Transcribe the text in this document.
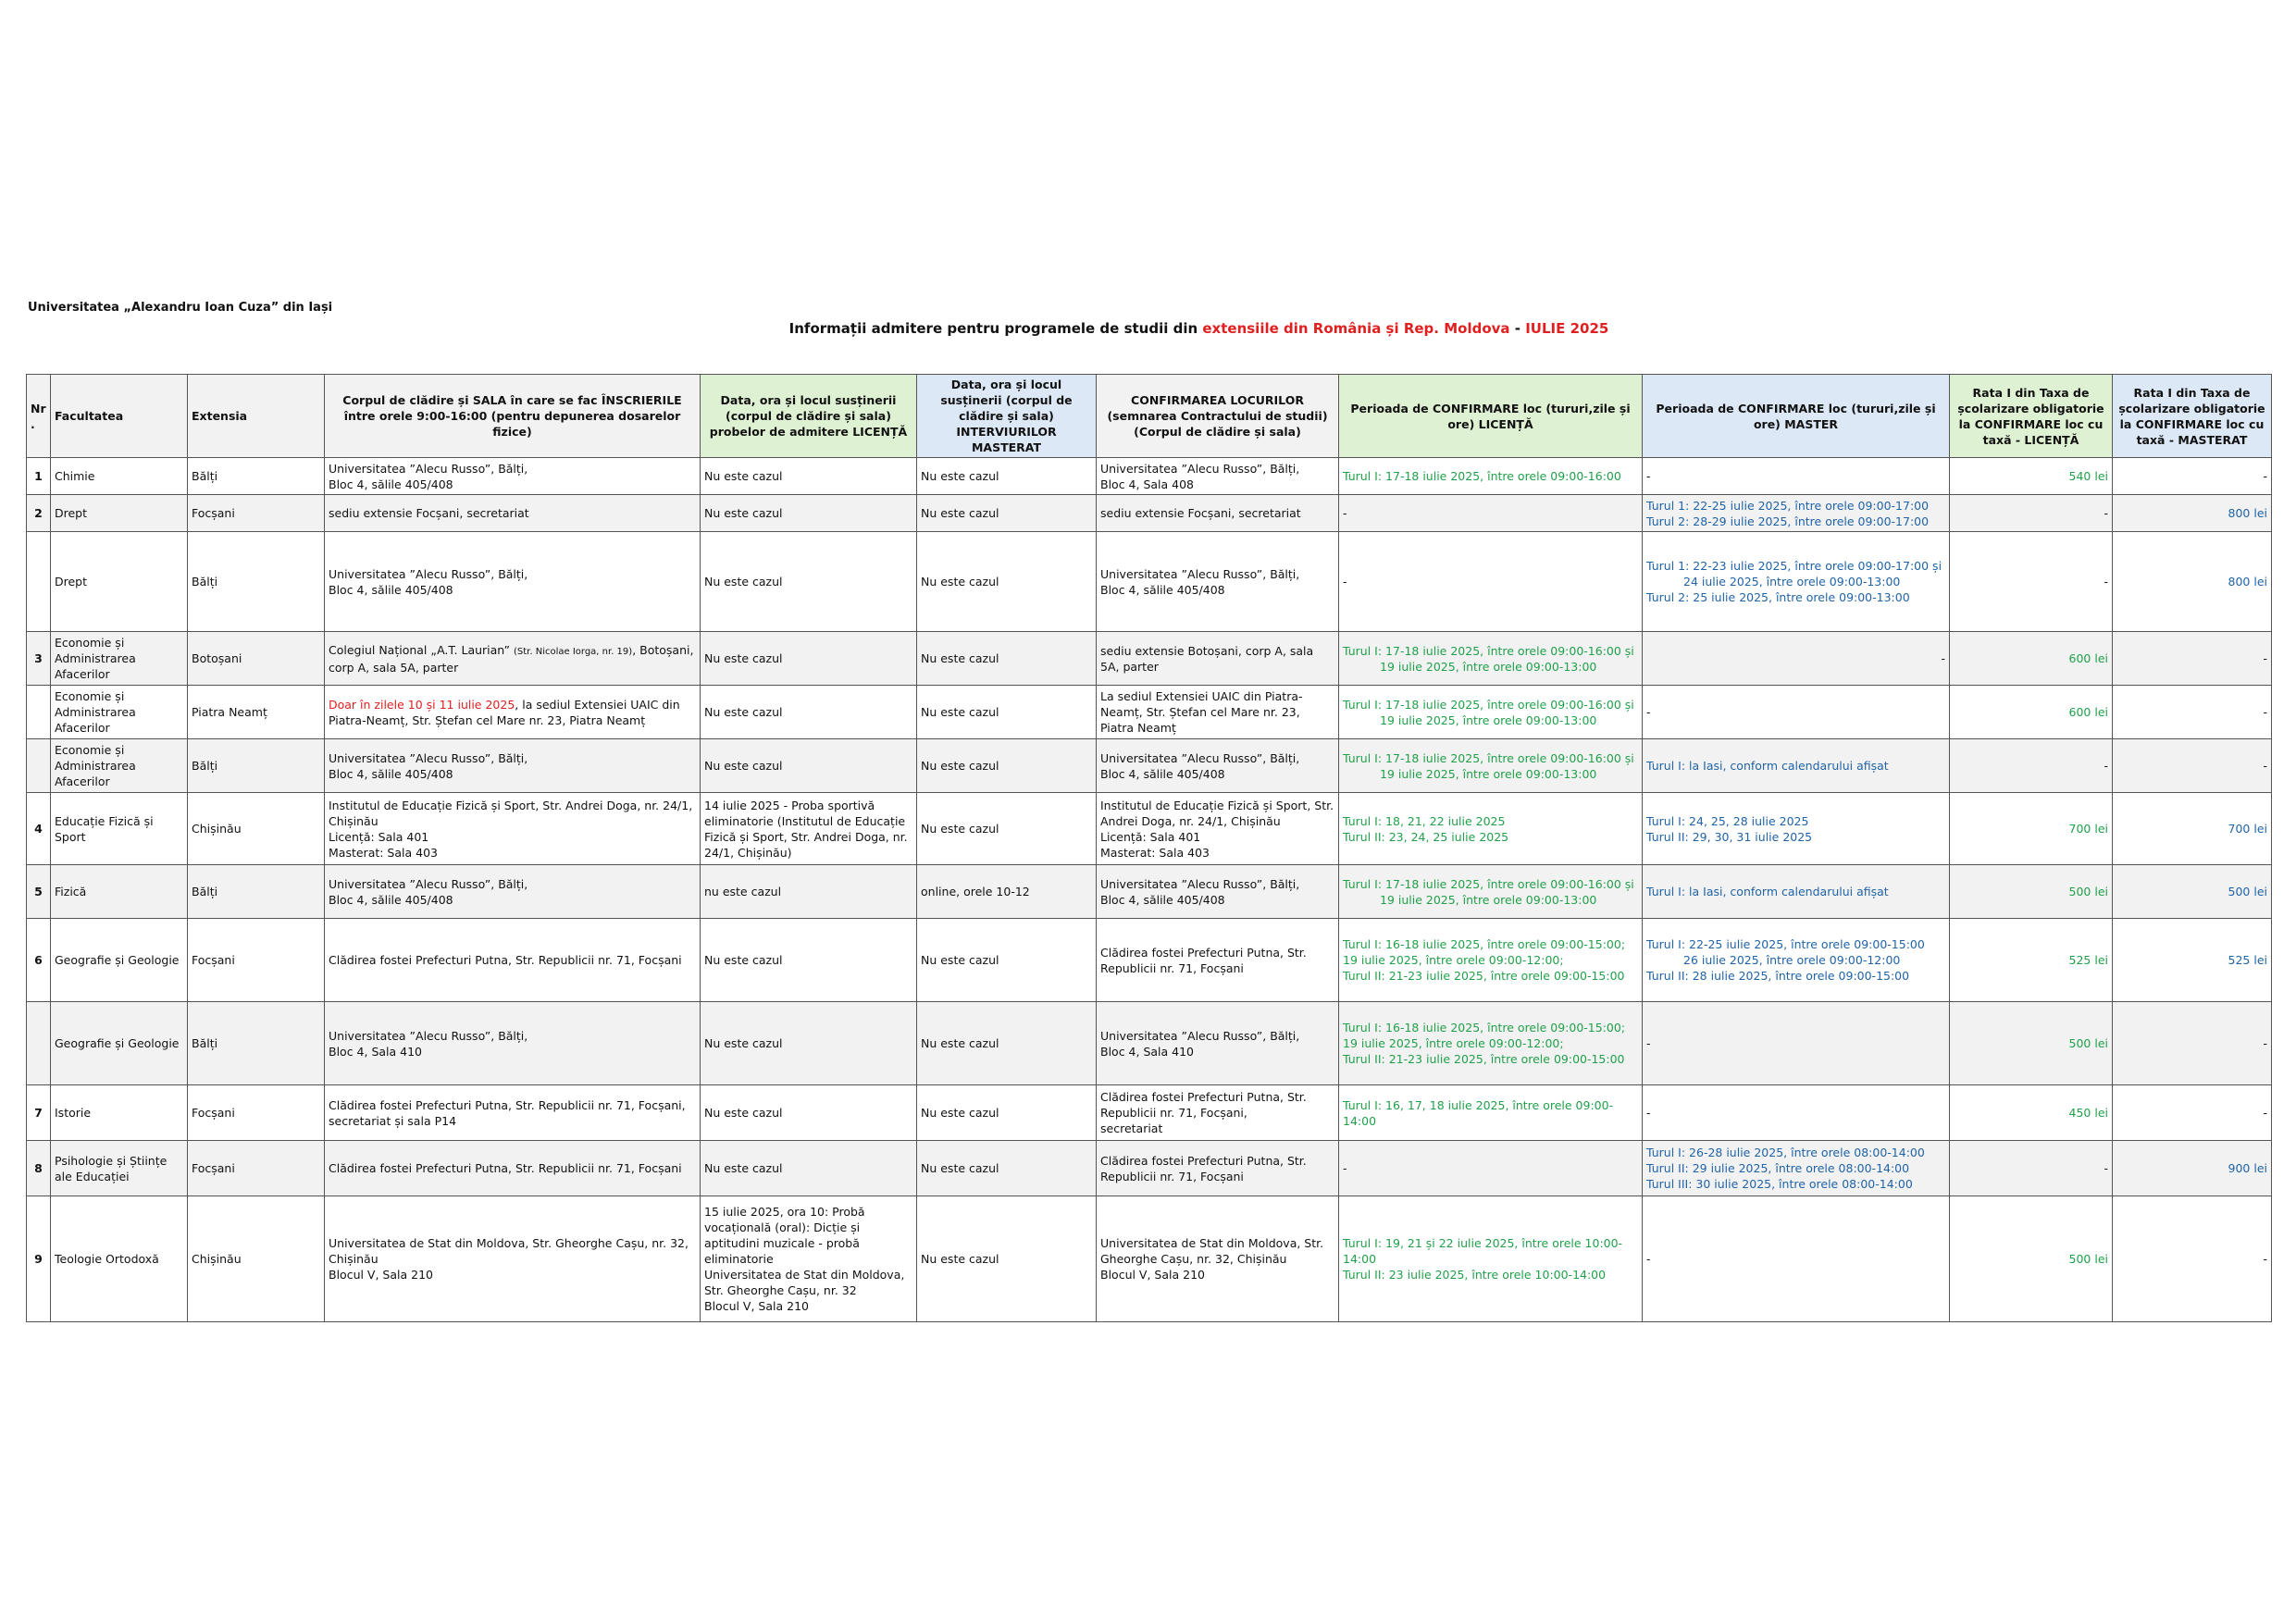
Universitatea „Alexandru Ioan Cuza” din Iași
Informații admitere pentru programele de studii din extensiile din România și Rep. Moldova - IULIE 2025
Nr.	Facultatea	Extensia	Corpul de clădire și SALA în care se fac ÎNSCRIERILE între orele 9:00-16:00 (pentru depunerea dosarelor fizice)	Data, ora și locul susținerii (corpul de clădire și sala) probelor de admitere LICENȚĂ	Data, ora și locul susținerii (corpul de clădire și sala) INTERVIURILOR MASTERAT	CONFIRMAREA LOCURILOR (semnarea Contractului de studii) (Corpul de clădire și sala)	Perioada de CONFIRMARE loc (tururi,zile și ore) LICENȚĂ	Perioada de CONFIRMARE loc (tururi,zile și ore) MASTER	Rata I din Taxa de școlarizare obligatorie la CONFIRMARE loc cu taxă - LICENȚĂ	Rata I din Taxa de școlarizare obligatorie la CONFIRMARE loc cu taxă - MASTERAT
1	Chimie	Bălți	Universitatea ”Alecu Russo”, Bălți,
Bloc 4, sălile 405/408	Nu este cazul	Nu este cazul	Universitatea ”Alecu Russo”, Bălți,
Bloc 4, Sala 408	Turul I: 17-18 iulie 2025, între orele 09:00-16:00	-	540 lei	-
2	Drept	Focșani	sediu extensie Focșani, secretariat	Nu este cazul	Nu este cazul	sediu extensie Focșani, secretariat	-	Turul 1: 22-25 iulie 2025, între orele 09:00-17:00
Turul 2: 28-29 iulie 2025, între orele 09:00-17:00	-	800 lei
	Drept	Bălți	Universitatea ”Alecu Russo”, Bălți,
Bloc 4, sălile 405/408	Nu este cazul	Nu este cazul	Universitatea ”Alecu Russo”, Bălți,
Bloc 4, sălile 405/408	-	Turul 1: 22-23 iulie 2025, între orele 09:00-17:00 și

24 iulie 2025, între orele 09:00-13:00
Turul 2: 25 iulie 2025, între orele 09:00-13:00	-	800 lei
3	Economie și Administrarea Afacerilor	Botoșani	Colegiul Național „A.T. Laurian” (Str. Nicolae Iorga, nr. 19), Botoșani, corp A, sala 5A, parter	Nu este cazul	Nu este cazul	sediu extensie Botoșani, corp A, sala 5A, parter	Turul I: 17-18 iulie 2025, între orele 09:00-16:00 și

19 iulie 2025, între orele 09:00-13:00	-	600 lei	-
	Economie și Administrarea Afacerilor	Piatra Neamț	Doar în zilele 10 și 11 iulie 2025, la sediul Extensiei UAIC din Piatra-Neamț, Str. Ștefan cel Mare nr. 23, Piatra Neamț	Nu este cazul	Nu este cazul	La sediul Extensiei UAIC din Piatra-Neamț, Str. Ștefan cel Mare nr. 23, Piatra Neamț	Turul I: 17-18 iulie 2025, între orele 09:00-16:00 și

19 iulie 2025, între orele 09:00-13:00	-	600 lei	-
	Economie și Administrarea Afacerilor	Bălți	Universitatea ”Alecu Russo”, Bălți,
Bloc 4, sălile 405/408	Nu este cazul	Nu este cazul	Universitatea ”Alecu Russo”, Bălți,
Bloc 4, sălile 405/408	Turul I: 17-18 iulie 2025, între orele 09:00-16:00 și

19 iulie 2025, între orele 09:00-13:00	Turul I: la Iasi, conform calendarului afișat	-	-
4	Educație Fizică și Sport	Chișinău	Institutul de Educație Fizică și Sport, Str. Andrei Doga, nr. 24/1, Chișinău
Licență: Sala 401
Masterat: Sala 403	14 iulie 2025 - Proba sportivă eliminatorie (Institutul de Educație Fizică și Sport, Str. Andrei Doga, nr. 24/1, Chișinău)	Nu este cazul	Institutul de Educație Fizică și Sport, Str. Andrei Doga, nr. 24/1, Chișinău
Licență: Sala 401
Masterat: Sala 403	Turul I: 18, 21, 22 iulie 2025
Turul II: 23, 24, 25 iulie 2025	Turul I: 24, 25, 28 iulie 2025
Turul II: 29, 30, 31 iulie 2025	700 lei	700 lei
5	Fizică	Bălți	Universitatea ”Alecu Russo”, Bălți,
Bloc 4, sălile 405/408	nu este cazul	online, orele 10-12	Universitatea ”Alecu Russo”, Bălți,
Bloc 4, sălile 405/408	Turul I: 17-18 iulie 2025, între orele 09:00-16:00 și

19 iulie 2025, între orele 09:00-13:00	Turul I: la Iasi, conform calendarului afișat	500 lei	500 lei
6	Geografie și Geologie	Focșani	Clădirea fostei Prefecturi Putna, Str. Republicii nr. 71, Focșani	Nu este cazul	Nu este cazul	Clădirea fostei Prefecturi Putna, Str. Republicii nr. 71, Focșani	Turul I: 16-18 iulie 2025, între orele 09:00-15:00;
19 iulie 2025, între orele 09:00-12:00;
Turul II: 21-23 iulie 2025, între orele 09:00-15:00	Turul I: 22-25 iulie 2025, între orele 09:00-15:00

26 iulie 2025, între orele 09:00-12:00
Turul II: 28 iulie 2025, între orele 09:00-15:00	525 lei	525 lei
	Geografie și Geologie	Bălți	Universitatea ”Alecu Russo”, Bălți,
Bloc 4, Sala 410	Nu este cazul	Nu este cazul	Universitatea ”Alecu Russo”, Bălți,
Bloc 4, Sala 410	Turul I: 16-18 iulie 2025, între orele 09:00-15:00;
19 iulie 2025, între orele 09:00-12:00;
Turul II: 21-23 iulie 2025, între orele 09:00-15:00	-	500 lei	-
7	Istorie	Focșani	Clădirea fostei Prefecturi Putna, Str. Republicii nr. 71, Focșani, secretariat și sala P14	Nu este cazul	Nu este cazul	Clădirea fostei Prefecturi Putna, Str. Republicii nr. 71, Focșani,
secretariat	Turul I: 16, 17, 18 iulie 2025, între orele 09:00-14:00	-	450 lei	-
8	Psihologie și Științe ale Educației	Focșani	Clădirea fostei Prefecturi Putna, Str. Republicii nr. 71, Focșani	Nu este cazul	Nu este cazul	Clădirea fostei Prefecturi Putna, Str. Republicii nr. 71, Focșani	-	Turul I: 26-28 iulie 2025, între orele 08:00-14:00
Turul II: 29 iulie 2025, între orele 08:00-14:00
Turul III: 30 iulie 2025, între orele 08:00-14:00	-	900 lei
9	Teologie Ortodoxă	Chișinău	Universitatea de Stat din Moldova, Str. Gheorghe Cașu, nr. 32, Chișinău
Blocul V, Sala 210	15 iulie 2025, ora 10: Probă vocațională (oral): Dicție și aptitudini muzicale - probă eliminatorie
Universitatea de Stat din Moldova, Str. Gheorghe Cașu, nr. 32
Blocul V, Sala 210	Nu este cazul	Universitatea de Stat din Moldova, Str. Gheorghe Cașu, nr. 32, Chișinău
Blocul V, Sala 210	Turul I: 19, 21 și 22 iulie 2025, între orele 10:00-14:00
Turul II: 23 iulie 2025, între orele 10:00-14:00	-	500 lei	-
